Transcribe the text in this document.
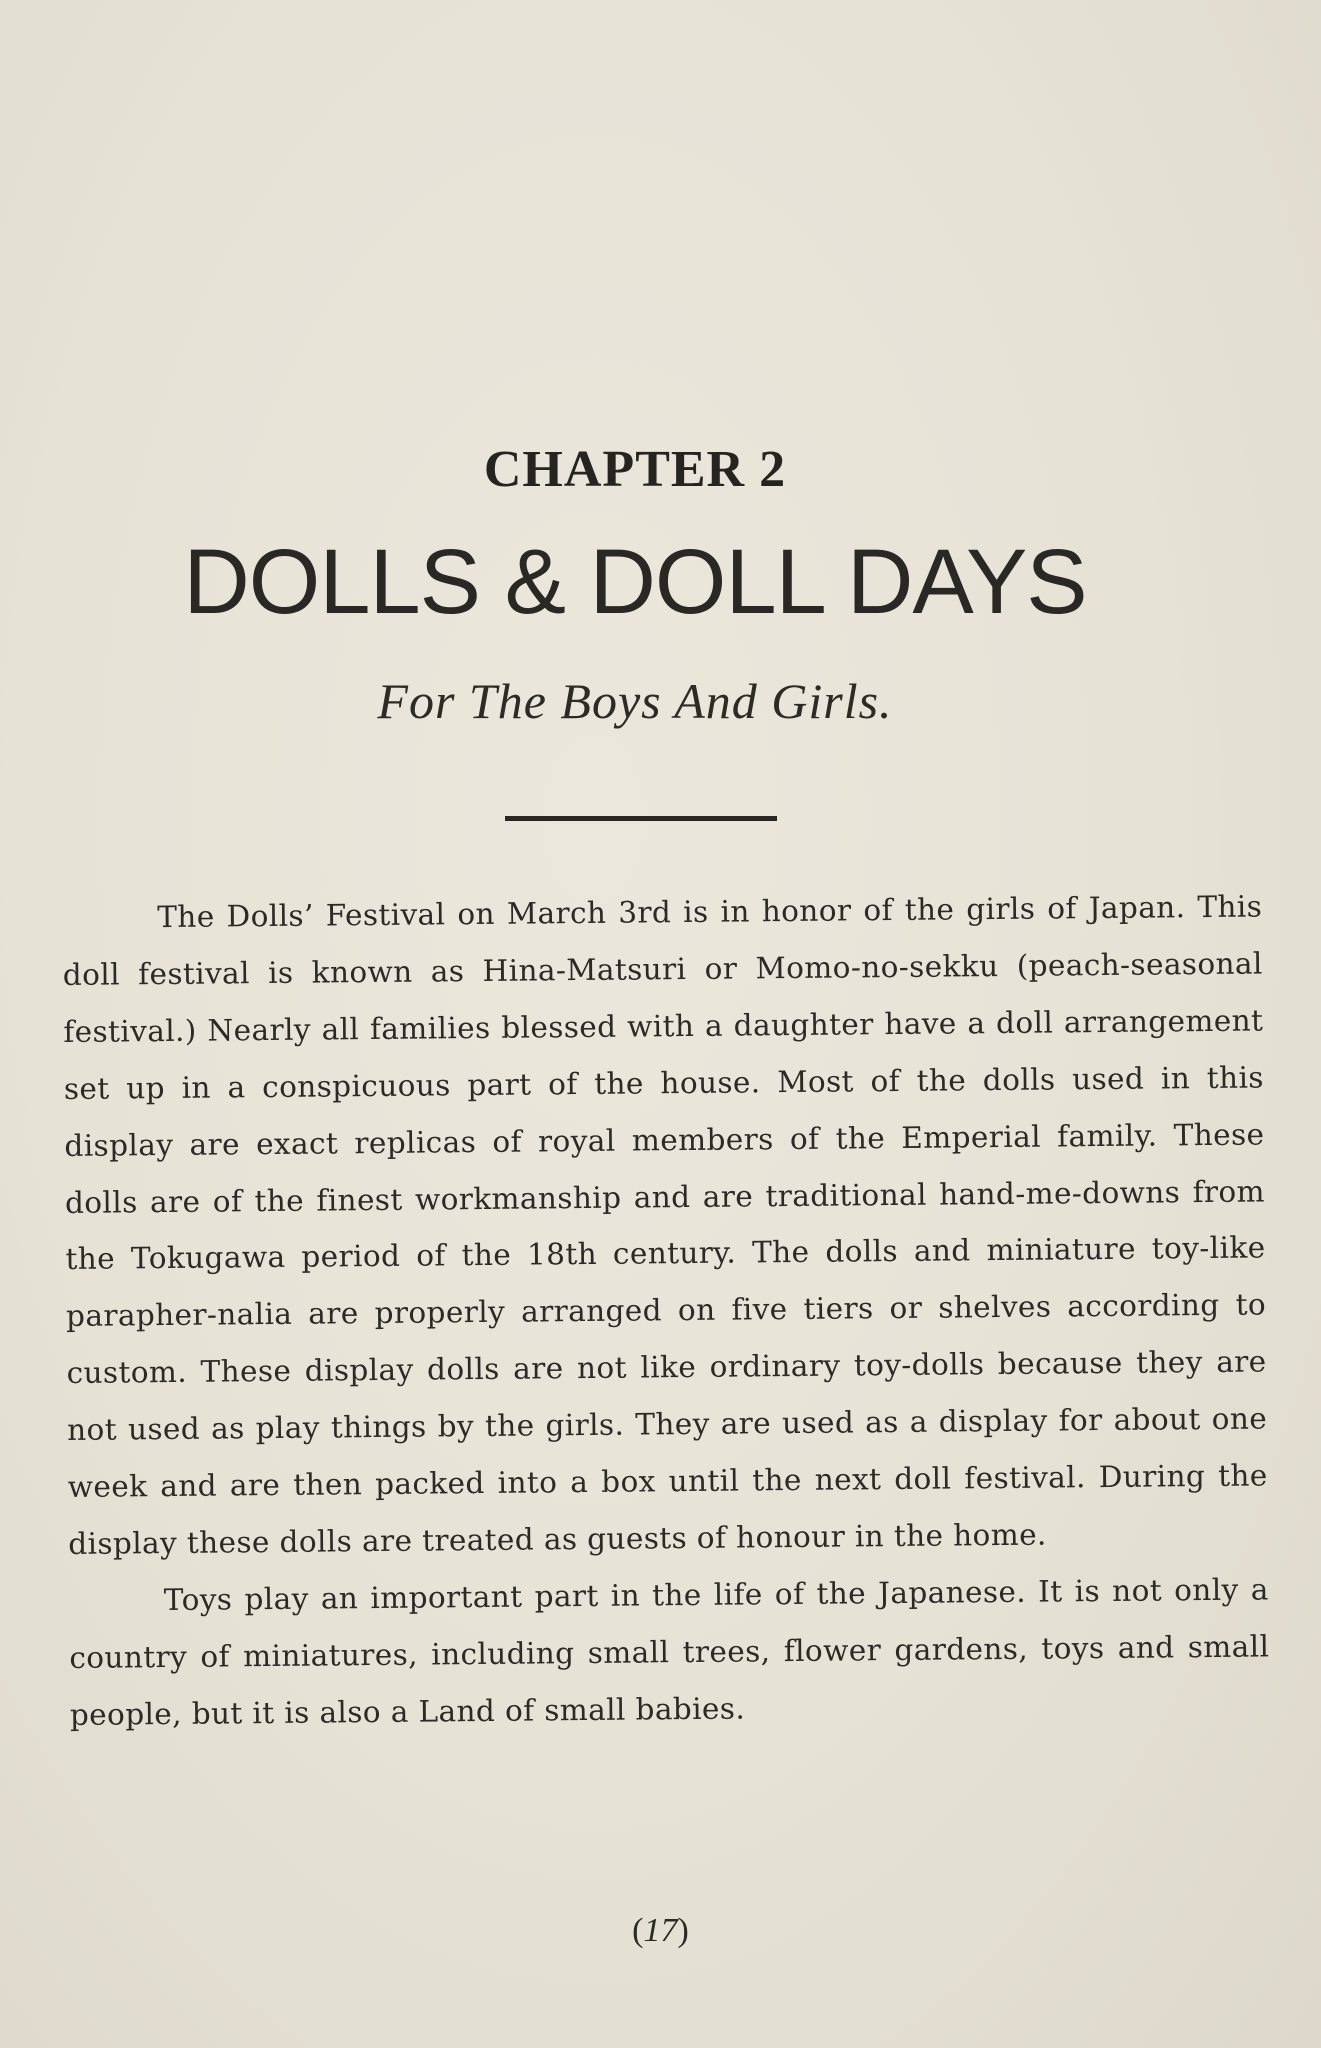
CHAPTER 2
DOLLS & DOLL DAYS
For The Boys And Girls.

The Dolls’ Festival on March 3rd is in honor of the girls of Japan. This doll festival is known as Hina-Matsuri or Momo-no-sekku (peach-seasonal festival.) Nearly all families blessed with a daughter have a doll arrangement set up in a conspicuous part of the house. Most of the dolls used in this display are exact replicas of royal members of the Emperial family. These dolls are of the finest workmanship and are traditional hand-me-downs from the Tokugawa period of the 18th century. The dolls and miniature toy-like parapher-nalia are properly arranged on five tiers or shelves according to custom. These display dolls are not like ordinary toy-dolls because they are not used as play things by the girls. They are used as a display for about one week and are then packed into a box until the next doll festival. During the display these dolls are treated as guests of honour in the home.

Toys play an important part in the life of the Japanese. It is not only a country of miniatures, including small trees, flower gardens, toys and small people, but it is also a Land of small babies.

(17)
